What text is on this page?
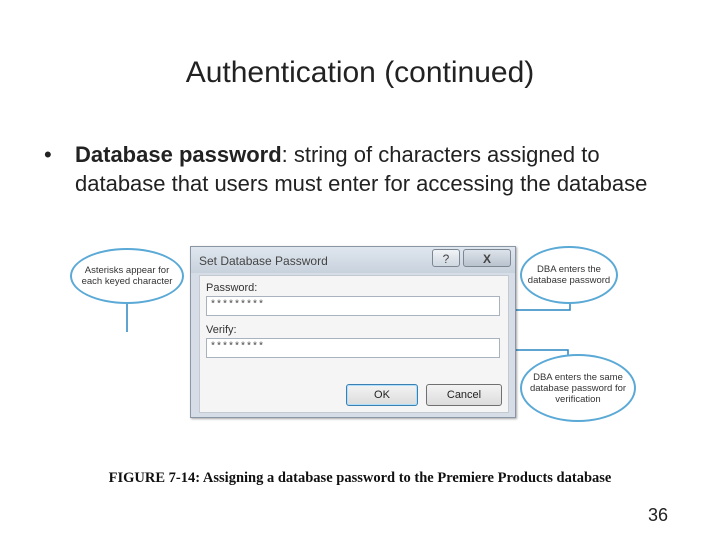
Authentication (continued)
• Database password: string of characters assigned to database that users must enter for accessing the database
Asterisks appear for each keyed character
DBA enters the database password
DBA enters the same database password for verification
Set Database Password	?	X
Password:
*********
Verify:
*********
OK	Cancel
FIGURE 7-14: Assigning a database password to the Premiere Products database
36
